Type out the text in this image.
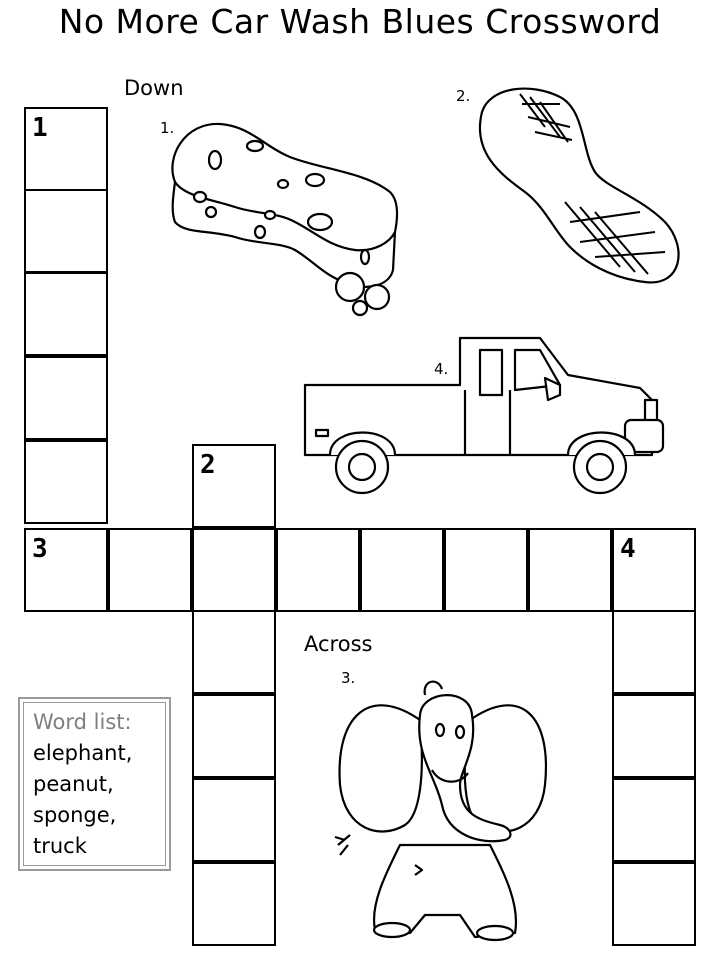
No More Car Wash Blues Crossword
Down
Across
1.
2.
4.
3.
1
3	4
2
Word list:
elephant,
peanut,
sponge,
truck
